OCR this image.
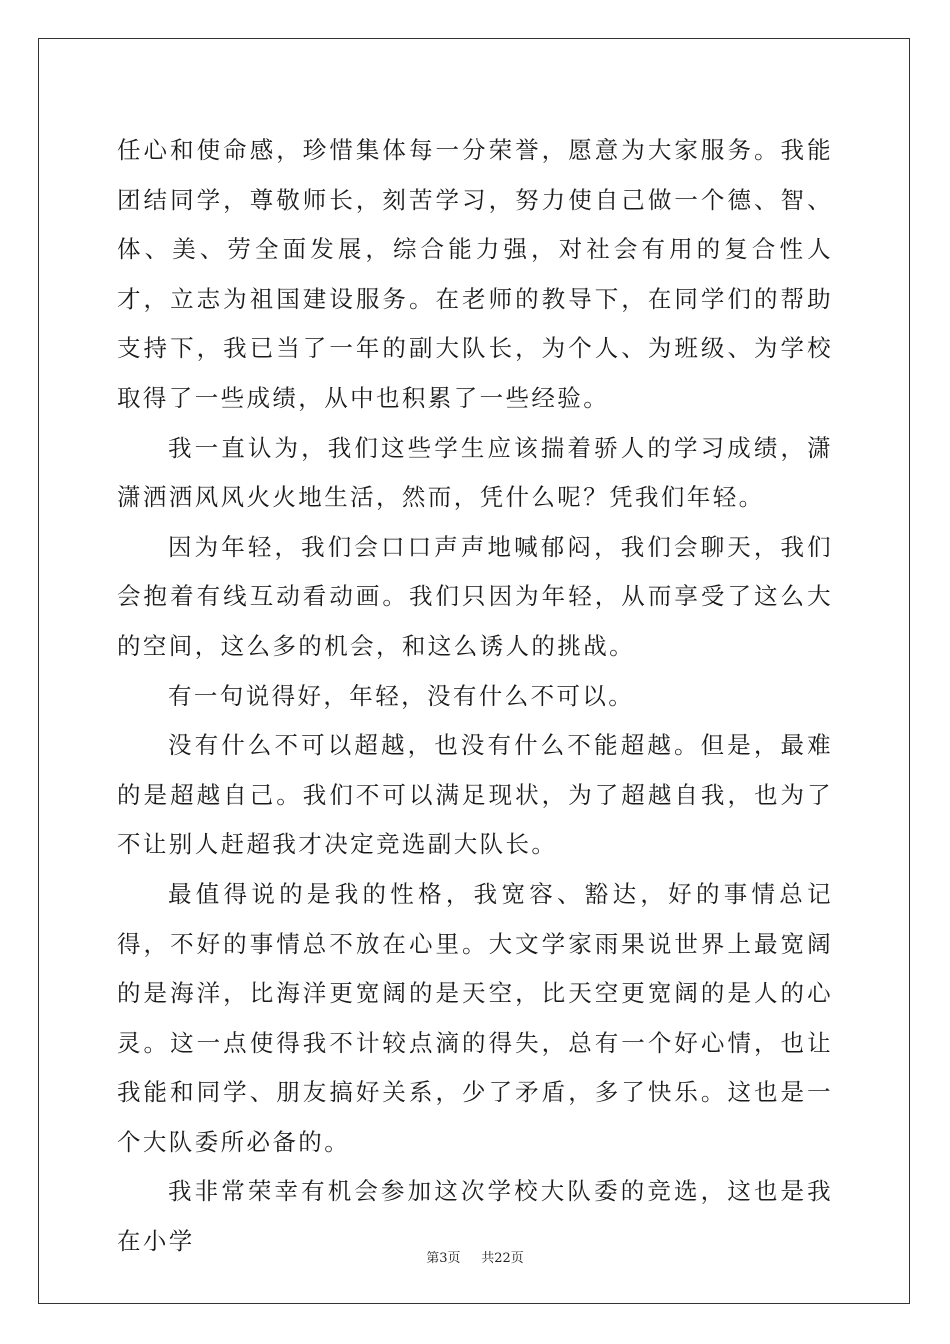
任心和使命感，珍惜集体每一分荣誉，愿意为大家服务。我能团结同学，尊敬师长，刻苦学习，努力使自己做一个德、智、体、美、劳全面发展，综合能力强，对社会有用的复合性人才，立志为祖国建设服务。在老师的教导下，在同学们的帮助支持下，我已当了一年的副大队长，为个人、为班级、为学校取得了一些成绩，从中也积累了一些经验。

我一直认为，我们这些学生应该揣着骄人的学习成绩，潇潇洒洒风风火火地生活，然而，凭什么呢？凭我们年轻。

因为年轻，我们会口口声声地喊郁闷，我们会聊天，我们会抱着有线互动看动画。我们只因为年轻，从而享受了这么大的空间，这么多的机会，和这么诱人的挑战。

有一句说得好，年轻，没有什么不可以。

没有什么不可以超越，也没有什么不能超越。但是，最难的是超越自己。我们不可以满足现状，为了超越自我，也为了不让别人赶超我才决定竞选副大队长。

最值得说的是我的性格，我宽容、豁达，好的事情总记得，不好的事情总不放在心里。大文学家雨果说世界上最宽阔的是海洋，比海洋更宽阔的是天空，比天空更宽阔的是人的心灵。这一点使得我不计较点滴的得失，总有一个好心情，也让我能和同学、朋友搞好关系，少了矛盾，多了快乐。这也是一个大队委所必备的。

我非常荣幸有机会参加这次学校大队委的竞选，这也是我在小学

第3页 共22页
